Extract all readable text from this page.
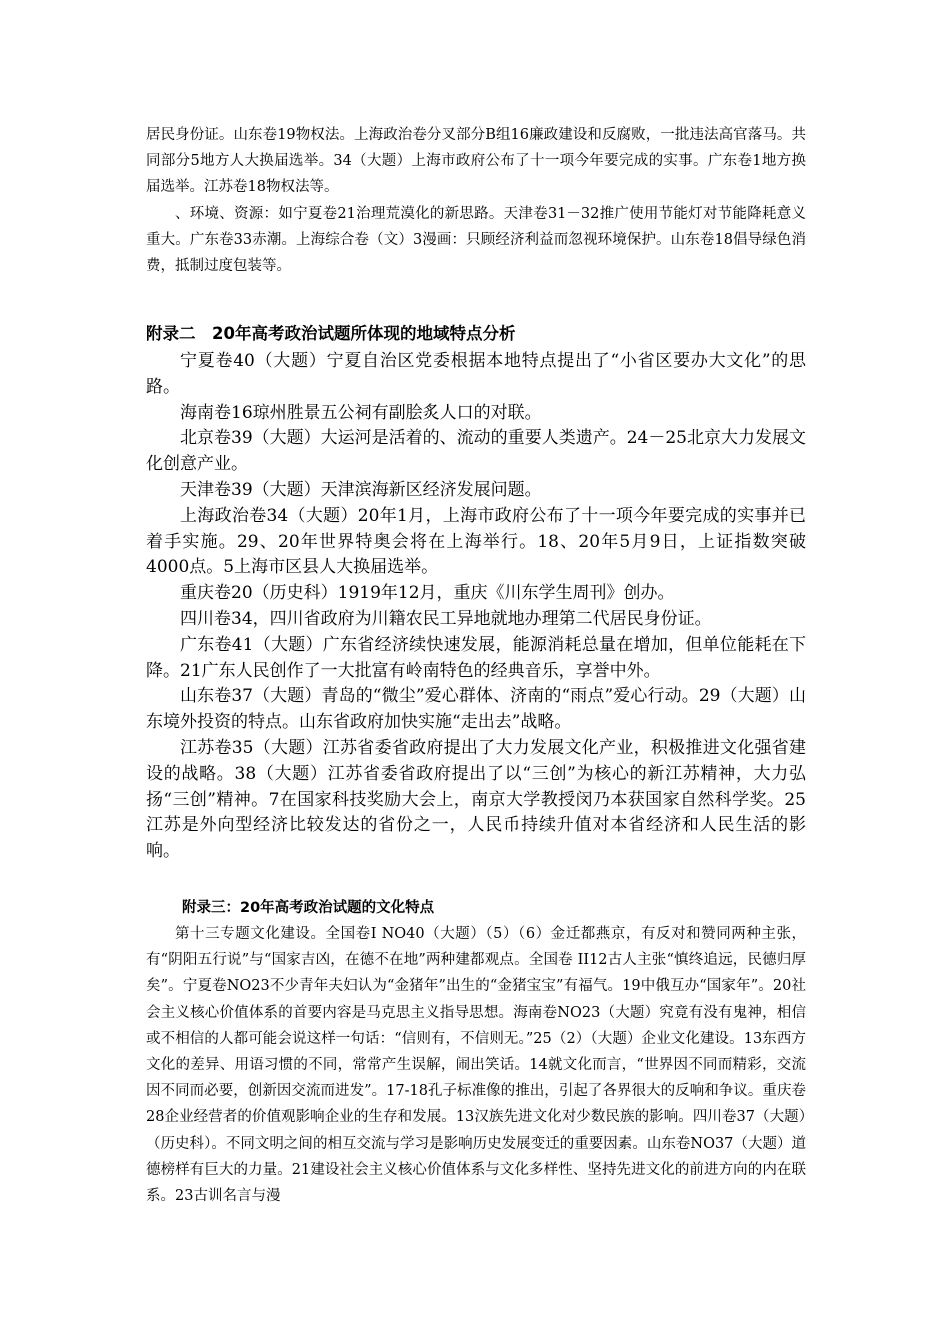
居民身份证。山东卷19物权法。上海政治卷分叉部分B组16廉政建设和反腐败，一批违法高官落马。共同部分5地方人大换届选举。34（大题）上海市政府公布了十一项今年要完成的实事。广东卷1地方换届选举。江苏卷18物权法等。

、环境、资源：如宁夏卷21治理荒漠化的新思路。天津卷31－32推广使用节能灯对节能降耗意义重大。广东卷33赤潮。上海综合卷（文）3漫画：只顾经济利益而忽视环境保护。山东卷18倡导绿色消费，抵制过度包装等。

附录二　20年高考政治试题所体现的地域特点分析

宁夏卷40（大题）宁夏自治区党委根据本地特点提出了“小省区要办大文化”的思路。

海南卷16琼州胜景五公祠有副脍炙人口的对联。

北京卷39（大题）大运河是活着的、流动的重要人类遗产。24－25北京大力发展文化创意产业。

天津卷39（大题）天津滨海新区经济发展问题。

上海政治卷34（大题）20年1月，上海市政府公布了十一项今年要完成的实事并已着手实施。29、20年世界特奥会将在上海举行。18、20年5月9日，上证指数突破4000点。5上海市区县人大换届选举。

重庆卷20（历史科）1919年12月，重庆《川东学生周刊》创办。

四川卷34，四川省政府为川籍农民工异地就地办理第二代居民身份证。

广东卷41（大题）广东省经济续快速发展，能源消耗总量在增加，但单位能耗在下降。21广东人民创作了一大批富有岭南特色的经典音乐，享誉中外。

山东卷37（大题）青岛的“微尘”爱心群体、济南的“雨点”爱心行动。29（大题）山东境外投资的特点。山东省政府加快实施“走出去”战略。

江苏卷35（大题）江苏省委省政府提出了大力发展文化产业，积极推进文化强省建设的战略。38（大题）江苏省委省政府提出了以“三创”为核心的新江苏精神，大力弘扬“三创”精神。7在国家科技奖励大会上，南京大学教授闵乃本获国家自然科学奖。25江苏是外向型经济比较发达的省份之一，人民币持续升值对本省经济和人民生活的影响。

附录三：20年高考政治试题的文化特点

第十三专题文化建设。全国卷I NO40（大题）（5）（6）金迁都燕京，有反对和赞同两种主张，有“阴阳五行说”与“国家吉凶，在德不在地”两种建都观点。全国卷 II12古人主张“慎终追远，民德归厚矣”。宁夏卷NO23不少青年夫妇认为“金猪年”出生的“金猪宝宝”有福气。19中俄互办“国家年”。20社会主义核心价值体系的首要内容是马克思主义指导思想。海南卷NO23（大题）究竟有没有鬼神，相信或不相信的人都可能会说这样一句话：“信则有，不信则无。”25（2）（大题）企业文化建设。13东西方文化的差异、用语习惯的不同，常常产生误解，闹出笑话。14就文化而言，“世界因不同而精彩，交流因不同而必要，创新因交流而进发”。17-18孔子标准像的推出，引起了各界很大的反响和争议。重庆卷28企业经营者的价值观影响企业的生存和发展。13汉族先进文化对少数民族的影响。四川卷37（大题）（历史科）。不同文明之间的相互交流与学习是影响历史发展变迁的重要因素。山东卷NO37（大题）道德榜样有巨大的力量。21建设社会主义核心价值体系与文化多样性、坚持先进文化的前进方向的内在联系。23古训名言与漫
